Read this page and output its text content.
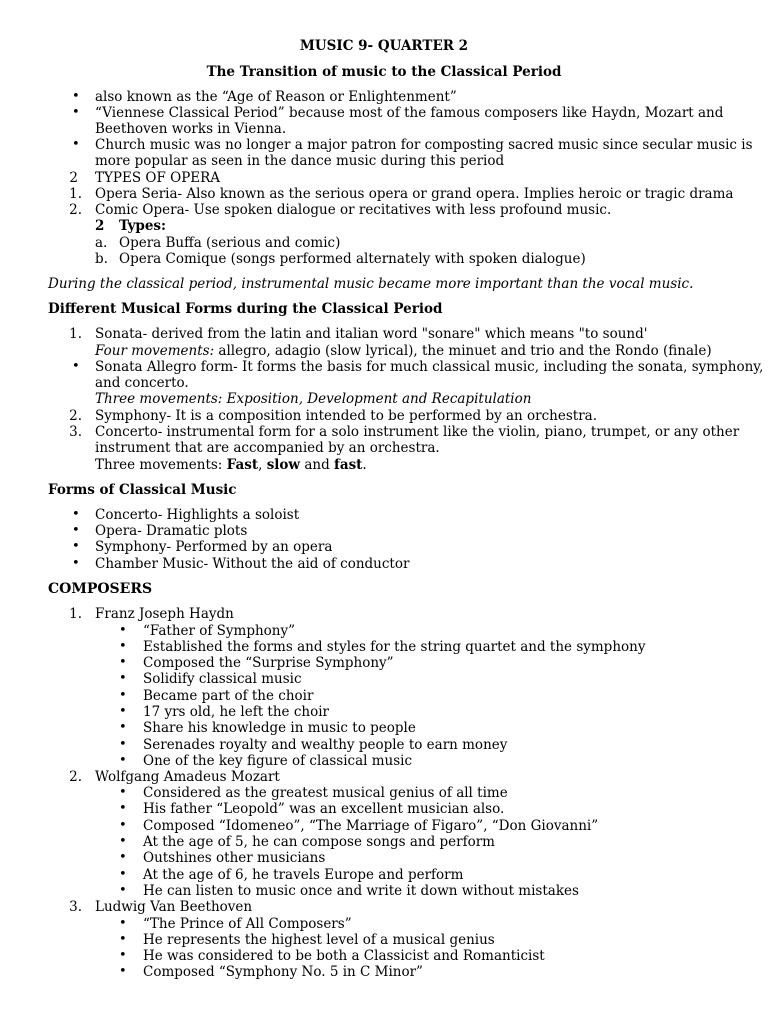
MUSIC 9- QUARTER 2
The Transition of music to the Classical Period
• also known as the “Age of Reason or Enlightenment”
• “Viennese Classical Period” because most of the famous composers like Haydn, Mozart and
Beethoven works in Vienna.
• Church music was no longer a major patron for composting sacred music since secular music is
more popular as seen in the dance music during this period
2 TYPES OF OPERA
1. Opera Seria- Also known as the serious opera or grand opera. Implies heroic or tragic drama
2. Comic Opera- Use spoken dialogue or recitatives with less profound music.
2 Types:
a. Opera Buffa (serious and comic)
b. Opera Comique (songs performed alternately with spoken dialogue)
During the classical period, instrumental music became more important than the vocal music.
Different Musical Forms during the Classical Period
1. Sonata- derived from the latin and italian word "sonare" which means "to sound'
Four movements: allegro, adagio (slow lyrical), the minuet and trio and the Rondo (finale)
• Sonata Allegro form- It forms the basis for much classical music, including the sonata, symphony,
and concerto.
Three movements: Exposition, Development and Recapitulation
2. Symphony- It is a composition intended to be performed by an orchestra.
3. Concerto- instrumental form for a solo instrument like the violin, piano, trumpet, or any other
instrument that are accompanied by an orchestra.
Three movements: Fast, slow and fast.
Forms of Classical Music
• Concerto- Highlights a soloist
• Opera- Dramatic plots
• Symphony- Performed by an opera
• Chamber Music- Without the aid of conductor
COMPOSERS
1. Franz Joseph Haydn
• “Father of Symphony”
• Established the forms and styles for the string quartet and the symphony
• Composed the “Surprise Symphony”
• Solidify classical music
• Became part of the choir
• 17 yrs old, he left the choir
• Share his knowledge in music to people
• Serenades royalty and wealthy people to earn money
• One of the key figure of classical music
2. Wolfgang Amadeus Mozart
• Considered as the greatest musical genius of all time
• His father “Leopold” was an excellent musician also.
• Composed “Idomeneo”, “The Marriage of Figaro”, “Don Giovanni”
• At the age of 5, he can compose songs and perform
• Outshines other musicians
• At the age of 6, he travels Europe and perform
• He can listen to music once and write it down without mistakes
3. Ludwig Van Beethoven
• “The Prince of All Composers”
• He represents the highest level of a musical genius
• He was considered to be both a Classicist and Romanticist
• Composed “Symphony No. 5 in C Minor”
